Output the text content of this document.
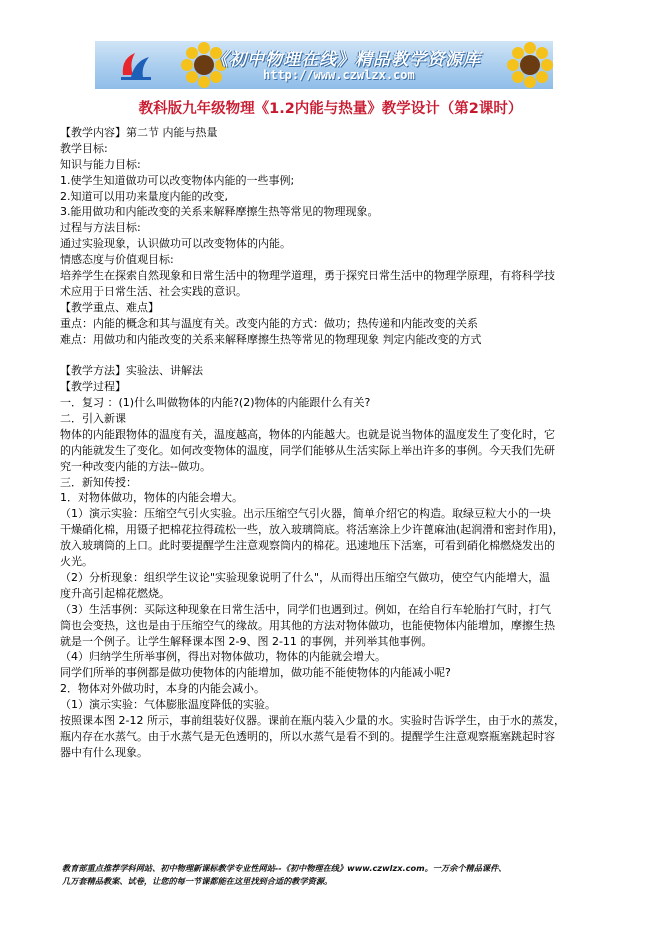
《初中物理在线》精品教学资源库
http://www.czwlzx.com
教科版九年级物理《1.2内能与热量》教学设计（第2课时）
【教学内容】第二节 内能与热量
教学目标:
知识与能力目标:
1.使学生知道做功可以改变物体内能的一些事例;
2.知道可以用功来量度内能的改变,
3.能用做功和内能改变的关系来解释摩擦生热等常见的物理现象。
过程与方法目标:
通过实验现象，认识做功可以改变物体的内能。
情感态度与价值观目标:
培养学生在探索自然现象和日常生活中的物理学道理，勇于探究日常生活中的物理学原理，有将科学技
术应用于日常生活、社会实践的意识。
【教学重点、难点】
重点：内能的概念和其与温度有关。改变内能的方式：做功；热传递和内能改变的关系
难点：用做功和内能改变的关系来解释摩擦生热等常见的物理现象 判定内能改变的方式
【教学方法】实验法、讲解法
【教学过程】
一．复习 ：(1)什么叫做物体的内能?(2)物体的内能跟什么有关?
二．引入新课
物体的内能跟物体的温度有关，温度越高，物体的内能越大。也就是说当物体的温度发生了变化时，它
的内能就发生了变化。如何改变物体的温度，同学们能够从生活实际上举出许多的事例。今天我们先研
究一种改变内能的方法--做功。
三．新知传授：
1．对物体做功，物体的内能会增大。
（1）演示实验：压缩空气引火实验。出示压缩空气引火器，简单介绍它的构造。取绿豆粒大小的一块
干燥硝化棉，用镊子把棉花拉得疏松一些，放入玻璃筒底。将活塞涂上少许蓖麻油(起润滑和密封作用)，
放入玻璃筒的上口。此时要提醒学生注意观察筒内的棉花。迅速地压下活塞，可看到硝化棉燃烧发出的
火光。
（2）分析现象：组织学生议论"实验现象说明了什么"，从而得出压缩空气做功，使空气内能增大，温
度升高引起棉花燃烧。
（3）生活事例：买际这种现象在日常生活中，同学们也遇到过。例如，在给自行车轮胎打气时，打气
筒也会变热，这也是由于压缩空气的缘故。用其他的方法对物体做功，也能使物体内能增加，摩擦生热
就是一个例子。让学生解释课本图 2-9、图 2-11 的事例，并列举其他事例。
（4）归纳学生所举事例，得出对物体做功，物体的内能就会增大。
同学们所举的事例都是做功使物体的内能增加，做功能不能使物体的内能减小呢?
2．物体对外做功时，本身的内能会减小。
（1）演示实验：气体膨胀温度降低的实验。
按照课本图 2-12 所示，事前组装好仪器。课前在瓶内装入少量的水。实验时告诉学生，由于水的蒸发，
瓶内存在水蒸气。由于水蒸气是无色透明的，所以水蒸气是看不到的。提醒学生注意观察瓶塞跳起时容
器中有什么现象。
教育部重点推荐学科网站、初中物理新课标教学专业性网站--《初中物理在线》www.czwlzx.com。一万余个精品课件、
几万套精品教案、试卷，让您的每一节课都能在这里找到合适的教学资源。
